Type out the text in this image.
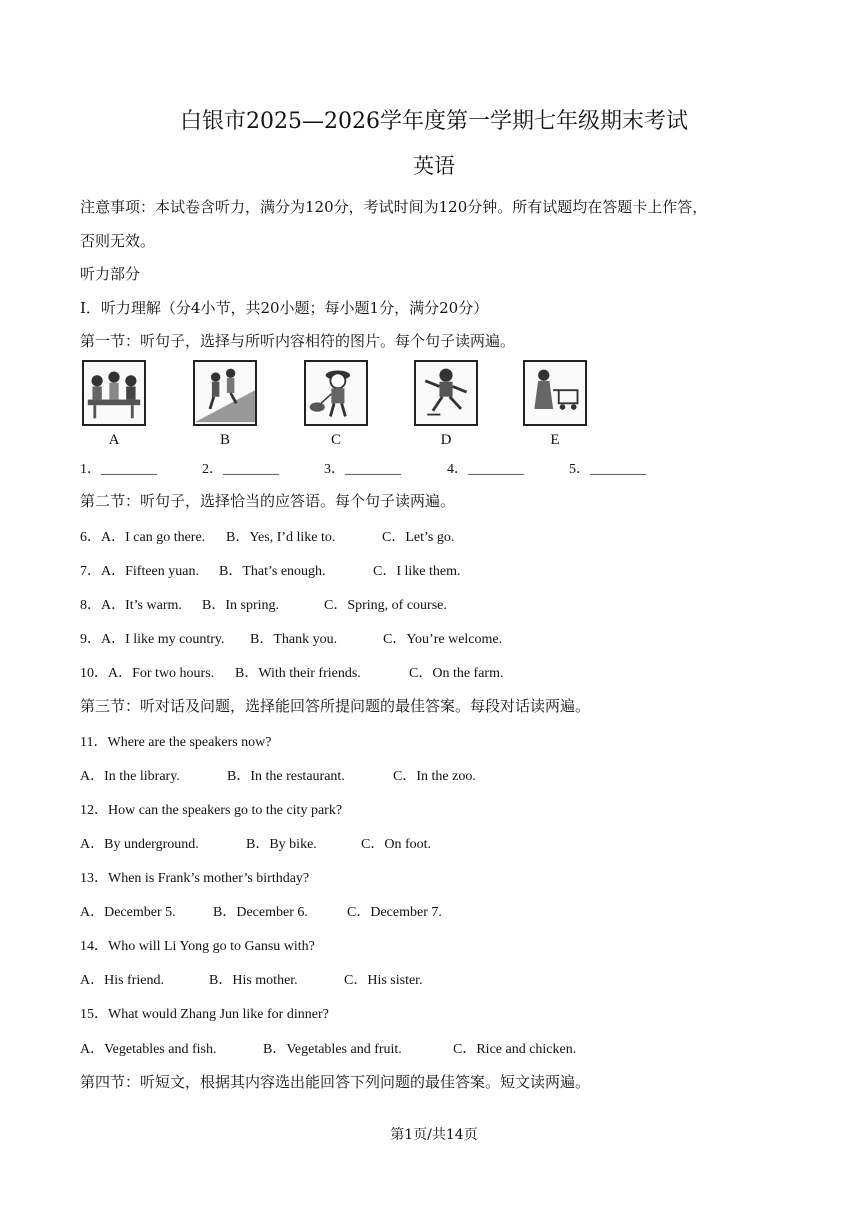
白银市2025—2026学年度第一学期七年级期末考试
英语
注意事项：本试卷含听力，满分为120分，考试时间为120分钟。所有试题均在答题卡上作答，
否则无效。
听力部分
Ⅰ．听力理解（分4小节，共20小题；每小题1分，满分20分）
第一节：听句子，选择与所听内容相符的图片。每个句子读两遍。
A	B	C	D	E
1．________	2．________	3．________	4．________	5．________
第二节：听句子，选择恰当的应答语。每个句子读两遍。
6．A．I can go there. B．Yes, I’d like to.	C．Let’s go.
7．A．Fifteen yuan. B．That’s enough.	C．I like them.
8．A．It’s warm. B．In spring.	C．Spring, of course.
9．A．I like my country. B．Thank you.	C．You’re welcome.
10．A．For two hours. B．With their friends.	C．On the farm.
第三节：听对话及问题，选择能回答所提问题的最佳答案。每段对话读两遍。
11．Where are the speakers now?
A．In the library.	B．In the restaurant.	C．In the zoo.
12．How can the speakers go to the city park?
A．By underground.	B．By bike.	C．On foot.
13．When is Frank’s mother’s birthday?
A．December 5.	B．December 6.	C．December 7.
14．Who will Li Yong go to Gansu with?
A．His friend.	B．His mother.	C．His sister.
15．What would Zhang Jun like for dinner?
A．Vegetables and fish.	B．Vegetables and fruit.	C．Rice and chicken.
第四节：听短文，根据其内容选出能回答下列问题的最佳答案。短文读两遍。
第1页/共14页
